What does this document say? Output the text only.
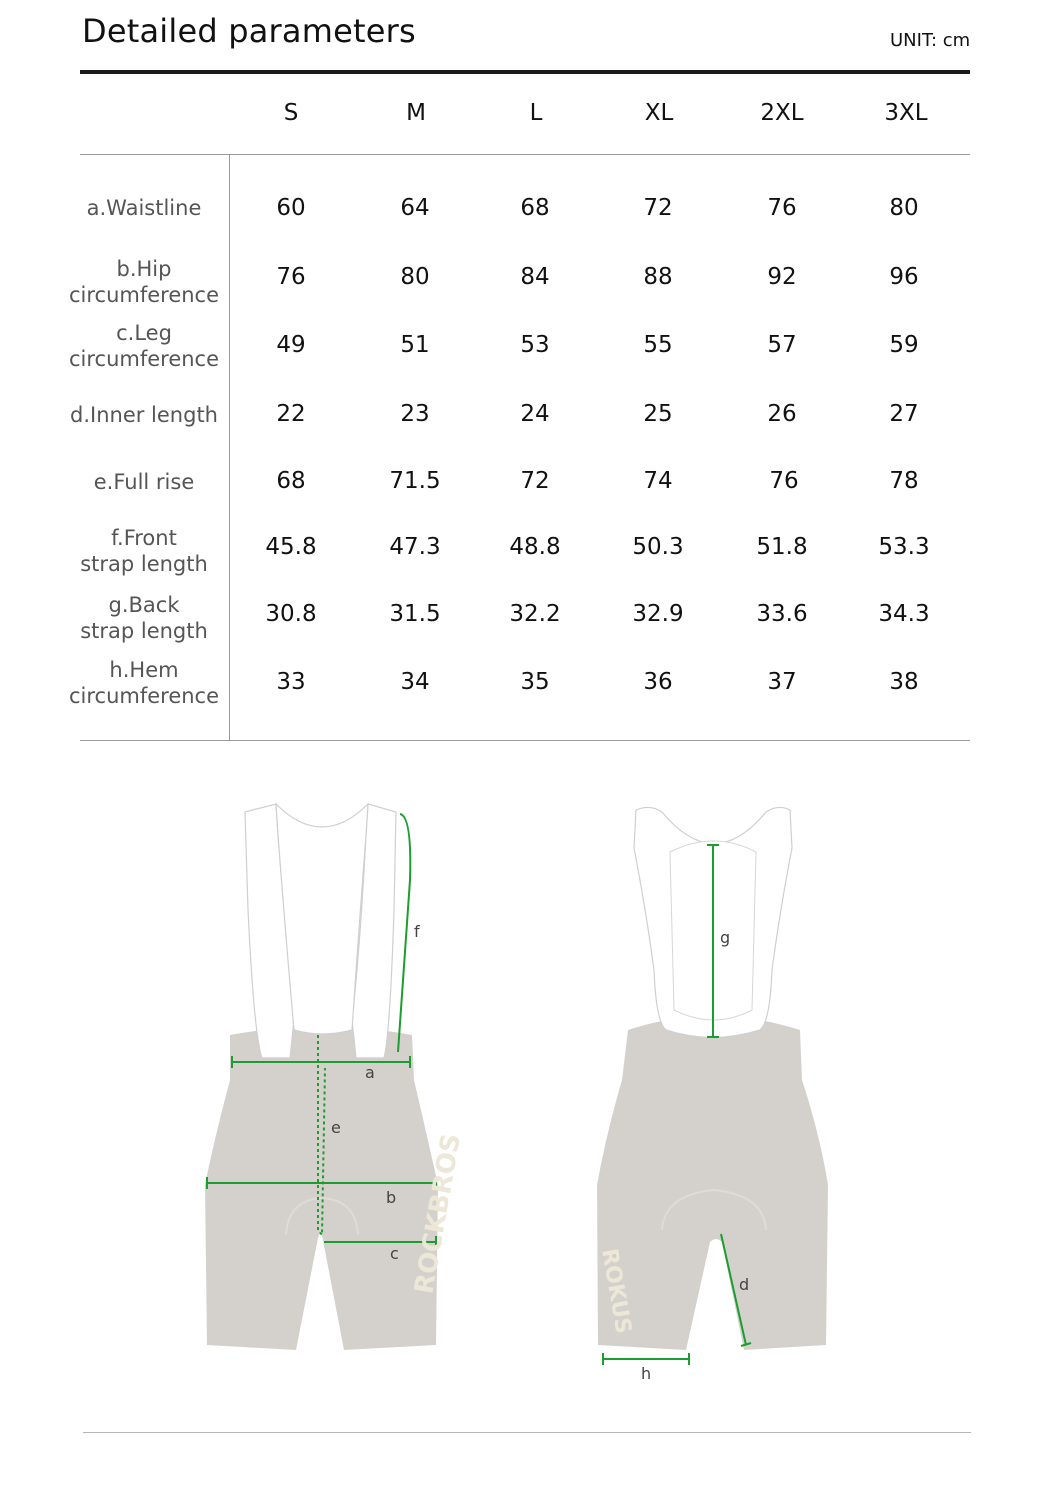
Detailed parameters	UNIT: cm
S	M	L	XL	2XL	3XL
a.Waistline	60	64	68	72	76	80
b.Hip
circumference
76	80	84	88	92	96
c.Leg
circumference
49	51	53	55	57	59
d.Inner length	22	23	24	25	26	27
e.Full rise	68	71.5	72	74	76	78
f.Front
strap length
45.8	47.3	48.8	50.3	51.8	53.3
g.Back
strap length
30.8	31.5	32.2	32.9	33.6	34.3
h.Hem
circumference
33	34	35	36	37	38
ROCKBROS
f
a
e
b
c	ROKUS
g
d
h
